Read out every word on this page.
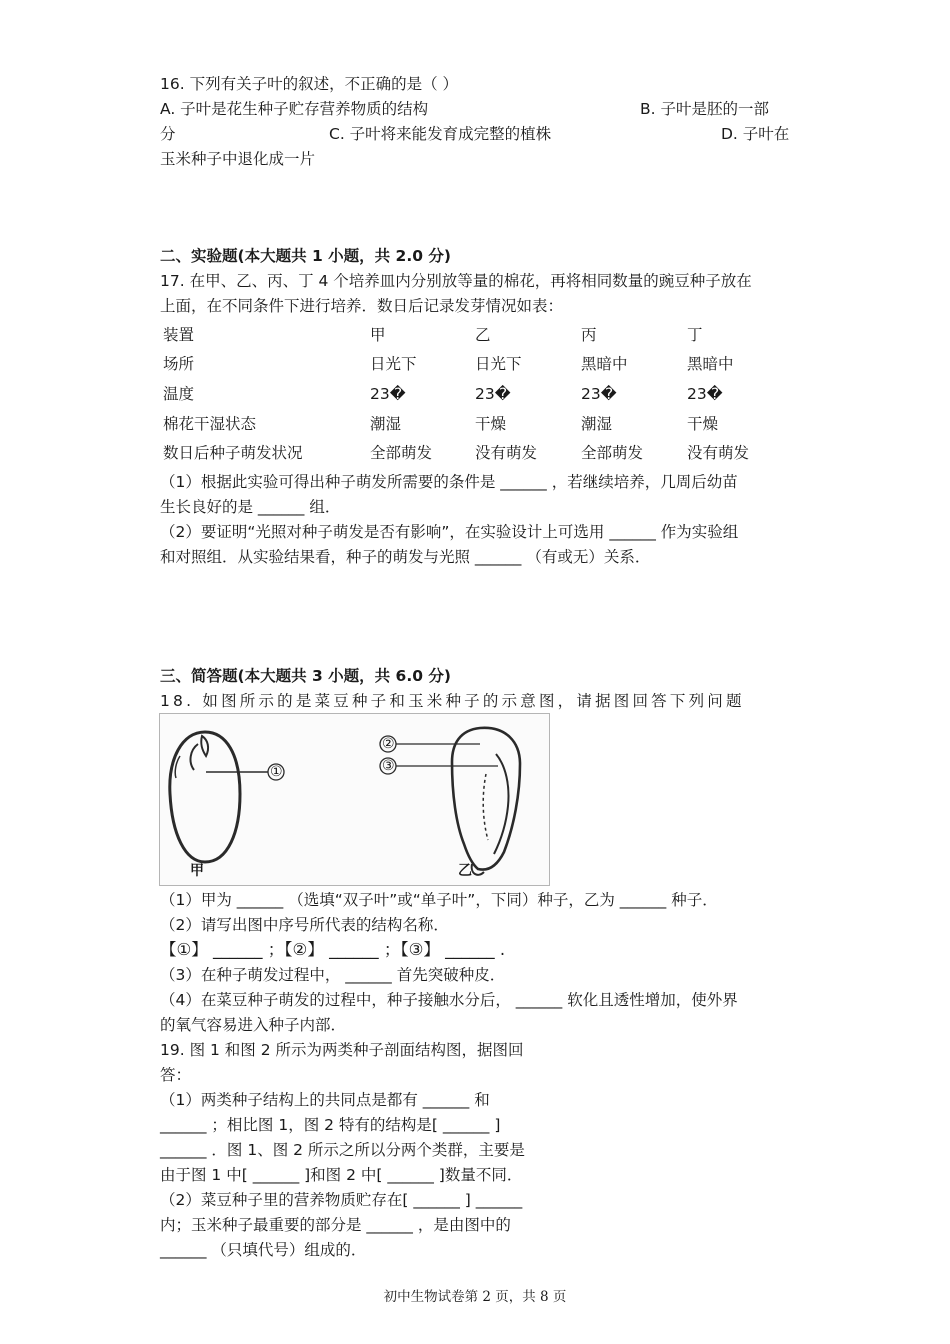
16. 下列有关子叶的叙述，不正确的是（ ）
A. 子叶是花生种子贮存营养物质的结构	B. 子叶是胚的一部
分	C. 子叶将来能发育成完整的植株	D. 子叶在
玉米种子中退化成一片
二、实验题(本大题共 1 小题，共 2.0 分)
17. 在甲、乙、丙、丁 4 个培养皿内分别放等量的棉花，再将相同数量的豌豆种子放在
上面，在不同条件下进行培养．数日后记录发芽情况如表：
装置	甲	乙	丙	丁
场所	日光下	日光下	黑暗中	黑暗中
温度	23�	23�	23�	23�
棉花干湿状态	潮湿	干燥	潮湿	干燥
数日后种子萌发状况	全部萌发	没有萌发	全部萌发	没有萌发
（1）根据此实验可得出种子萌发所需要的条件是 ______ ，若继续培养，几周后幼苗
生长良好的是 ______ 组．
（2）要证明“光照对种子萌发是否有影响”，在实验设计上可选用 ______ 作为实验组
和对照组．从实验结果看，种子的萌发与光照 ______ （有或无）关系．
三、简答题(本大题共 3 小题，共 6.0 分)
18. 如图所示的是菜豆种子和玉米种子的示意图，请据图回答下列问题
①
②
③
甲	乙
（1）甲为 ______ （选填“双子叶”或“单子叶”，下同）种子，乙为 ______ 种子．
（2）请写出图中序号所代表的结构名称．
【①】 ______ ；【②】 ______ ；【③】 ______ .
（3）在种子萌发过程中， ______ 首先突破种皮．
（4）在菜豆种子萌发的过程中，种子接触水分后， ______ 软化且透性增加，使外界
的氧气容易进入种子内部．
19. 图 1 和图 2 所示为两类种子剖面结构图，据图回
答：
（1）两类种子结构上的共同点是都有 ______ 和
______ ；相比图 1，图 2 特有的结构是[ ______ ]
______ ．图 1、图 2 所示之所以分两个类群，主要是
由于图 1 中[ ______ ]和图 2 中[ ______ ]数量不同．
（2）菜豆种子里的营养物质贮存在[ ______ ] ______
内；玉米种子最重要的部分是 ______ ，是由图中的
______ （只填代号）组成的．
初中生物试卷第 2 页，共 8 页
